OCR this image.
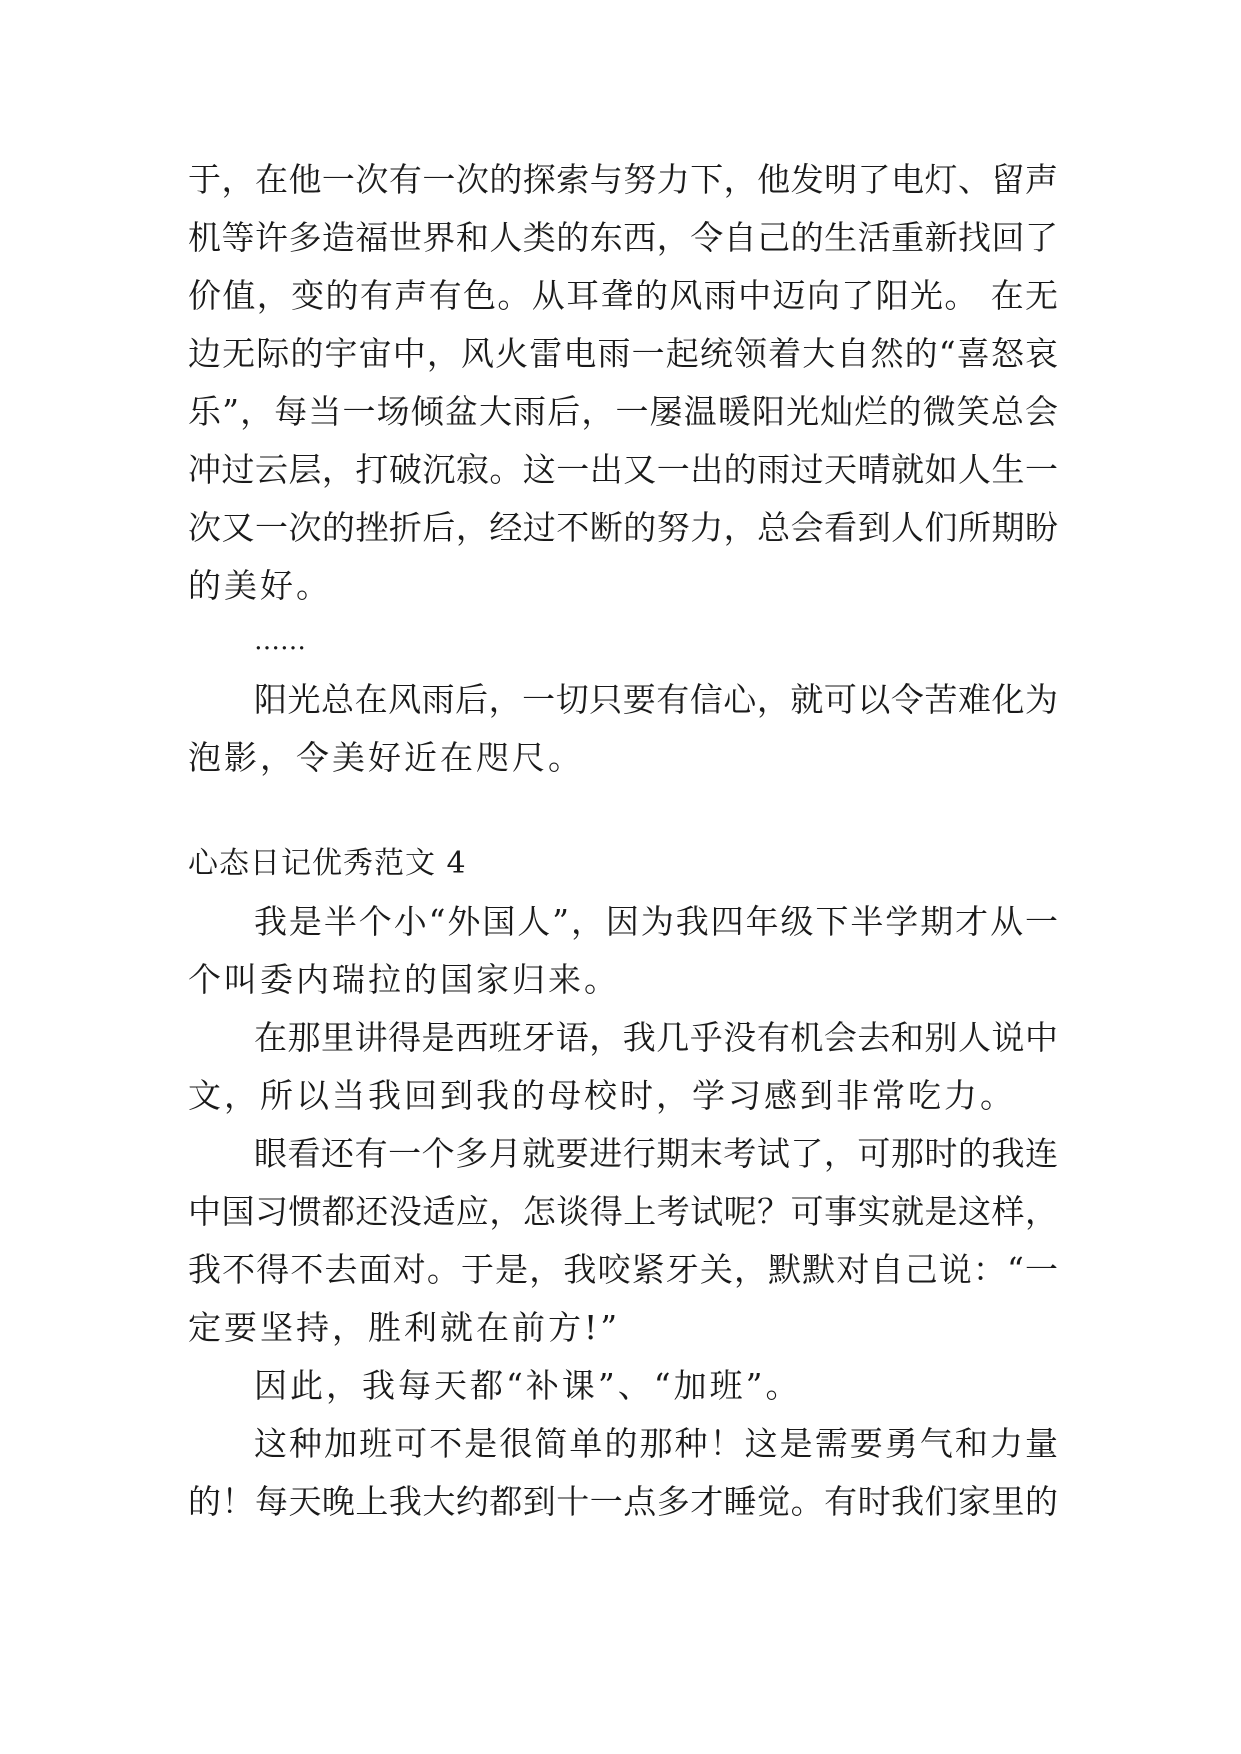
于，在他一次有一次的探索与努力下，他发明了电灯、留声
机等许多造福世界和人类的东西，令自己的生活重新找回了
价值，变的有声有色。从耳聋的风雨中迈向了阳光。 在无
边无际的宇宙中，风火雷电雨一起统领着大自然的“喜怒哀
乐”，每当一场倾盆大雨后，一屡温暖阳光灿烂的微笑总会
冲过云层，打破沉寂。这一出又一出的雨过天晴就如人生一
次又一次的挫折后，经过不断的努力，总会看到人们所期盼
的美好。
……
阳光总在风雨后，一切只要有信心，就可以令苦难化为
泡影，令美好近在咫尺。
心态日记优秀范文 4
我是半个小“外国人”，因为我四年级下半学期才从一
个叫委内瑞拉的国家归来。
在那里讲得是西班牙语，我几乎没有机会去和别人说中
文，所以当我回到我的母校时，学习感到非常吃力。
眼看还有一个多月就要进行期末考试了，可那时的我连
中国习惯都还没适应，怎谈得上考试呢？可事实就是这样，
我不得不去面对。于是，我咬紧牙关，默默对自己说：“一
定要坚持，胜利就在前方!”
因此，我每天都“补课”、“加班”。
这种加班可不是很简单的那种！这是需要勇气和力量
的！每天晚上我大约都到十一点多才睡觉。有时我们家里的
